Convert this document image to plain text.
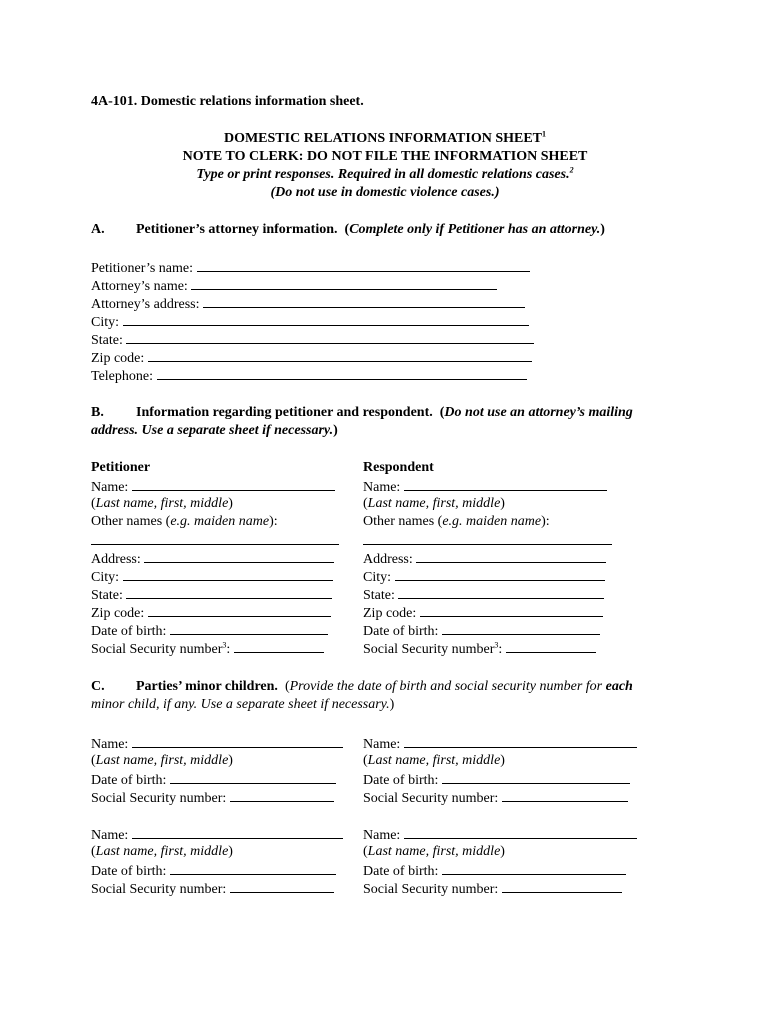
4A-101. Domestic relations information sheet.
DOMESTIC RELATIONS INFORMATION SHEET$^1$
NOTE TO CLERK: DO NOT FILE THE INFORMATION SHEET
Type or print responses. Required in all domestic relations cases.$^2$
(Do not use in domestic violence cases.)
A. Petitioner’s attorney information. (Complete only if Petitioner has an attorney.)
Petitioner’s name:
Attorney’s name:
Attorney’s address:
City:
State:
Zip code:
Telephone:
B. Information regarding petitioner and respondent. (Do not use an attorney’s mailing
address. Use a separate sheet if necessary.)
Petitioner
Name:
(Last name, first, middle)
Other names (e.g. maiden name):
Address:
City:
State:
Zip code:
Date of birth:
Social Security number$^3$:
Respondent
Name:
(Last name, first, middle)
Other names (e.g. maiden name):
Address:
City:
State:
Zip code:
Date of birth:
Social Security number$^3$:
C. Parties’ minor children. (Provide the date of birth and social security number for each
minor child, if any. Use a separate sheet if necessary.)
Name:
(Last name, first, middle)
Date of birth:
Social Security number:
Name:
(Last name, first, middle)
Date of birth:
Social Security number:
Name:
(Last name, first, middle)
Date of birth:
Social Security number:
Name:
(Last name, first, middle)
Date of birth:
Social Security number:
